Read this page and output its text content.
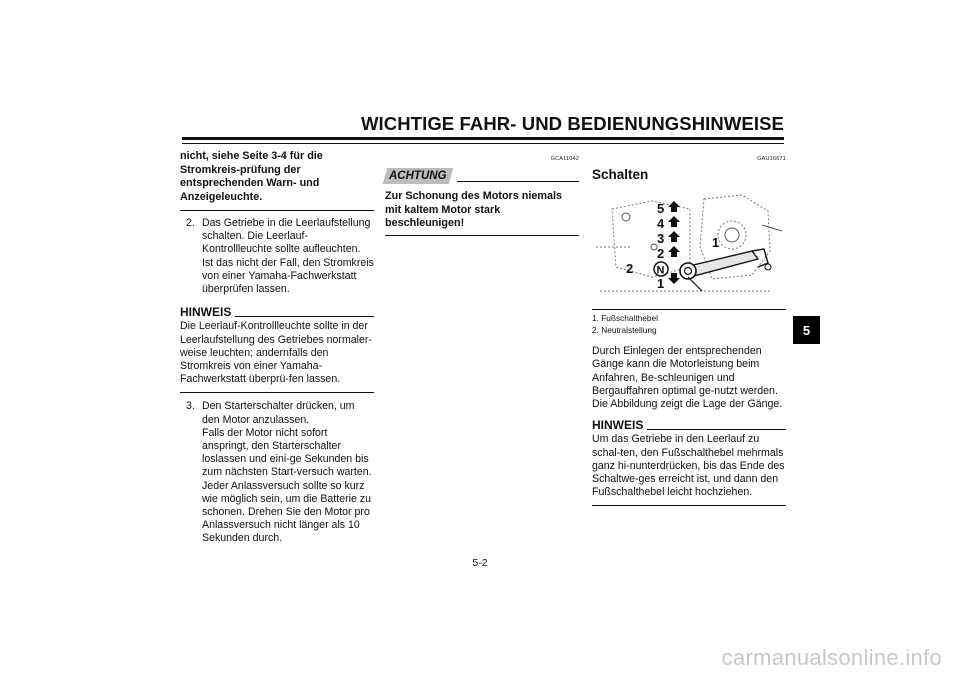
WICHTIGE FAHR- UND BEDIENUNGSHINWEISE
nicht, siehe Seite 3-4 für die Stromkreis-prüfung der entsprechenden Warn- und Anzeigeleuchte.
2. Das Getriebe in die Leerlaufstellung schalten. Die Leerlauf-Kontrollleuchte sollte aufleuchten. Ist das nicht der Fall, den Stromkreis von einer Yamaha-Fachwerkstatt überprüfen lassen.
HINWEIS
Die Leerlauf-Kontrollleuchte sollte in der Leerlaufstellung des Getriebes normaler-weise leuchten; andernfalls den Stromkreis von einer Yamaha-Fachwerkstatt überprü-fen lassen.
3. Den Starterschalter drücken, um den Motor anzulassen.
Falls der Motor nicht sofort anspringt, den Starterschalter loslassen und eini-ge Sekunden bis zum nächsten Start-versuch warten. Jeder Anlassversuch sollte so kurz wie möglich sein, um die Batterie zu schonen. Drehen Sie den Motor pro Anlassversuch nicht länger als 10 Sekunden durch.
GCA11042
ACHTUNG
Zur Schonung des Motors niemals mit kaltem Motor stark beschleunigen!
GAU16671
Schalten
5
4
3
2
1
1
2 N
1. Fußschalthebel
2. Neutralstellung
Durch Einlegen der entsprechenden Gänge kann die Motorleistung beim Anfahren, Be-schleunigen und Bergauffahren optimal ge-nutzt werden.
Die Abbildung zeigt die Lage der Gänge.
HINWEIS
Um das Getriebe in den Leerlauf zu schal-ten, den Fußschalthebel mehrmals ganz hi-nunterdrücken, bis das Ende des Schaltwe-ges erreicht ist, und dann den Fußschalthebel leicht hochziehen.
5
5-2
carmanualsonline.info
